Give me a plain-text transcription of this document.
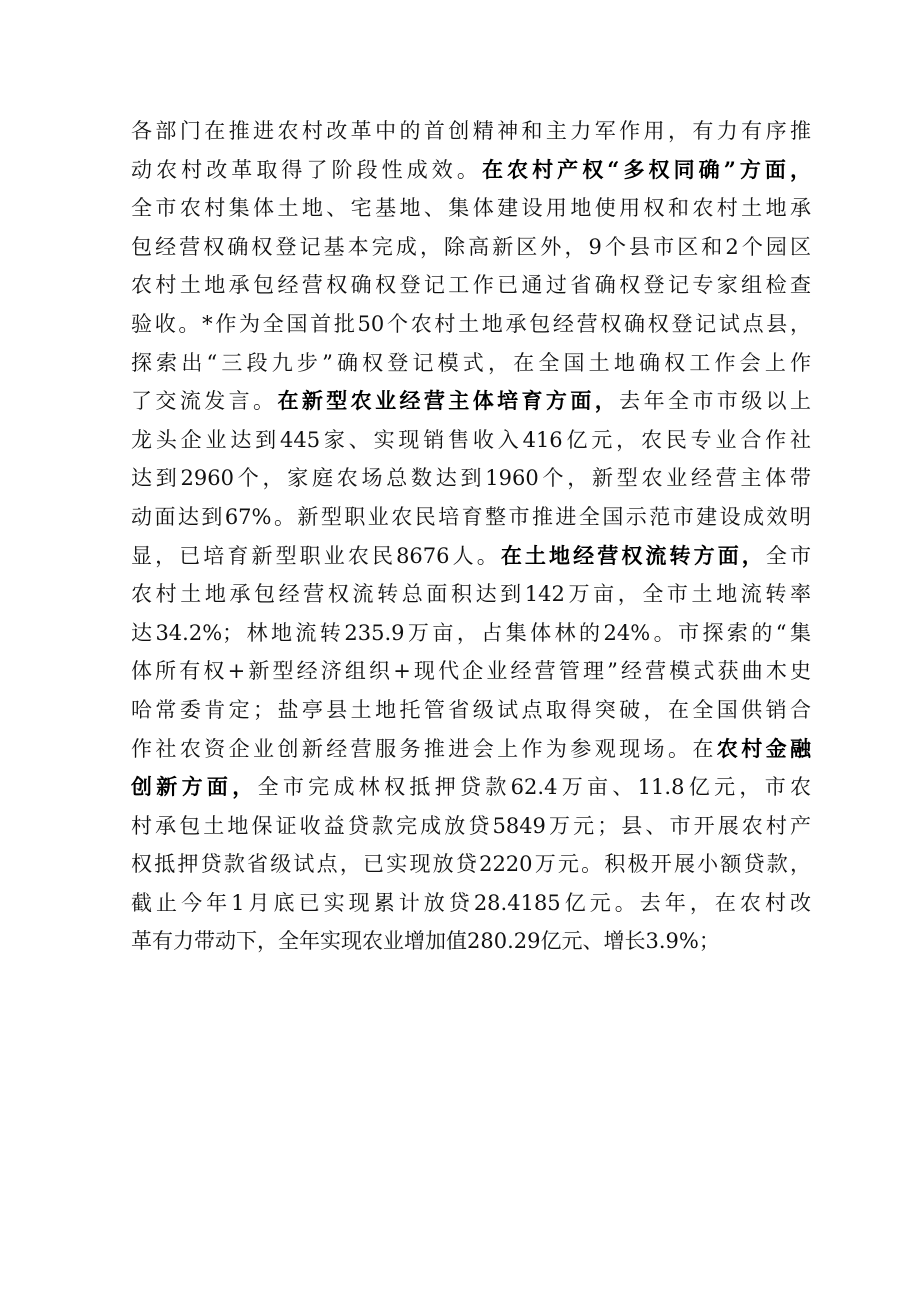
各部门在推进农村改革中的首创精神和主力军作用，有力有序推
动农村改革取得了阶段性成效。在农村产权“多权同确”方面，
全市农村集体土地、宅基地、集体建设用地使用权和农村土地承
包经营权确权登记基本完成，除高新区外，9个县市区和2个园区
农村土地承包经营权确权登记工作已通过省确权登记专家组检查
验收。*作为全国首批50个农村土地承包经营权确权登记试点县，
探索出“三段九步”确权登记模式，在全国土地确权工作会上作
了交流发言。在新型农业经营主体培育方面，去年全市市级以上
龙头企业达到445家、实现销售收入416亿元，农民专业合作社
达到2960个，家庭农场总数达到1960个，新型农业经营主体带
动面达到67%。新型职业农民培育整市推进全国示范市建设成效明
显，已培育新型职业农民8676人。在土地经营权流转方面，全市
农村土地承包经营权流转总面积达到142万亩，全市土地流转率
达34.2%；林地流转235.9万亩，占集体林的24%。市探索的“集
体所有权+新型经济组织+现代企业经营管理”经营模式获曲木史
哈常委肯定；盐亭县土地托管省级试点取得突破，在全国供销合
作社农资企业创新经营服务推进会上作为参观现场。在农村金融
创新方面，全市完成林权抵押贷款62.4万亩、11.8亿元，市农
村承包土地保证收益贷款完成放贷5849万元；县、市开展农村产
权抵押贷款省级试点，已实现放贷2220万元。积极开展小额贷款，
截止今年1月底已实现累计放贷28.4185亿元。去年，在农村改
革有力带动下，全年实现农业增加值280.29亿元、增长3.9%；
